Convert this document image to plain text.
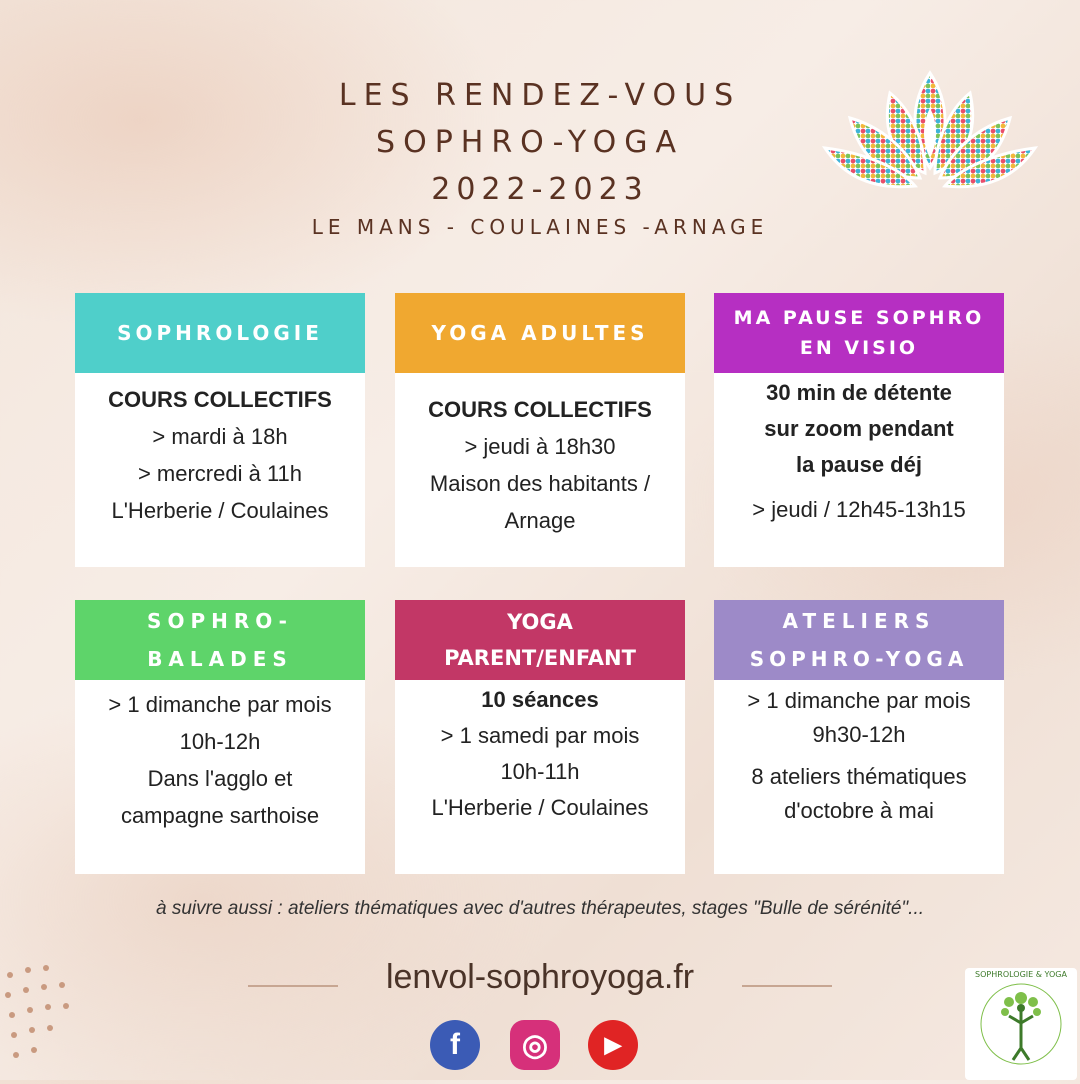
LES RENDEZ-VOUS
SOPHRO-YOGA
2022-2023
LE MANS - COULAINES -ARNAGE
SOPHROLOGIE
COURS COLLECTIFS
> mardi à 18h
> mercredi à 11h
L'Herberie / Coulaines
YOGA ADULTES
COURS COLLECTIFS
> jeudi à 18h30
Maison des habitants /
Arnage
MA PAUSE SOPHRO
EN VISIO
30 min de détente
sur zoom pendant
la pause déj
> jeudi / 12h45-13h15
SOPHRO-
BALADES
> 1 dimanche par mois
10h-12h
Dans l'agglo et
campagne sarthoise
YOGA
PARENT/ENFANT
10 séances
> 1 samedi par mois
10h-11h
L'Herberie / Coulaines
ATELIERS
SOPHRO-YOGA
> 1 dimanche par mois
9h30-12h
8 ateliers thématiques
d'octobre à mai
à suivre aussi : ateliers thématiques avec d'autres thérapeutes, stages "Bulle de sérénité"...
lenvol-sophroyoga.fr
f	◎	▶
SOPHROLOGIE & YOGA
